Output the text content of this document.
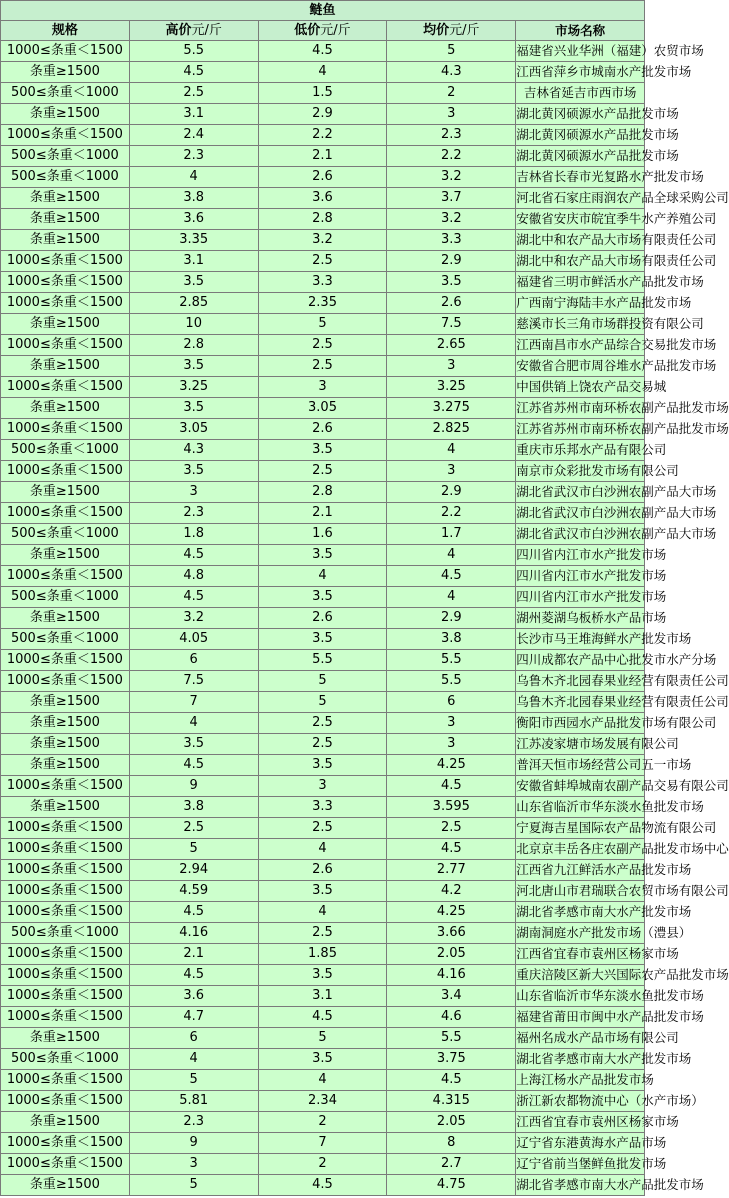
鲢鱼				
规格	高价元/斤	低价元/斤	均价元/斤	市场名称
1000≤条重＜1500	5.5	4.5	5	福建省兴业华洲（福建）农贸市场
条重≥1500	4.5	4	4.3	江西省萍乡市城南水产批发市场
500≤条重＜1000	2.5	1.5	2	吉林省延吉市西市场
条重≥1500	3.1	2.9	3	湖北黄冈硕源水产品批发市场
1000≤条重＜1500	2.4	2.2	2.3	湖北黄冈硕源水产品批发市场
500≤条重＜1000	2.3	2.1	2.2	湖北黄冈硕源水产品批发市场
500≤条重＜1000	4	2.6	3.2	吉林省长春市光复路水产批发市场
条重≥1500	3.8	3.6	3.7	河北省石家庄雨润农产品全球采购公司
条重≥1500	3.6	2.8	3.2	安徽省安庆市皖宜季牛水产养殖公司
条重≥1500	3.35	3.2	3.3	湖北中和农产品大市场有限责任公司
1000≤条重＜1500	3.1	2.5	2.9	湖北中和农产品大市场有限责任公司
1000≤条重＜1500	3.5	3.3	3.5	福建省三明市鲜活水产品批发市场
1000≤条重＜1500	2.85	2.35	2.6	广西南宁海陆丰水产品批发市场
条重≥1500	10	5	7.5	慈溪市长三角市场群投资有限公司
1000≤条重＜1500	2.8	2.5	2.65	江西南昌市水产品综合交易批发市场
条重≥1500	3.5	2.5	3	安徽省合肥市周谷堆水产品批发市场
1000≤条重＜1500	3.25	3	3.25	中国供销上饶农产品交易城
条重≥1500	3.5	3.05	3.275	江苏省苏州市南环桥农副产品批发市场
1000≤条重＜1500	3.05	2.6	2.825	江苏省苏州市南环桥农副产品批发市场
500≤条重＜1000	4.3	3.5	4	重庆市乐邦水产品有限公司
1000≤条重＜1500	3.5	2.5	3	南京市众彩批发市场有限公司
条重≥1500	3	2.8	2.9	湖北省武汉市白沙洲农副产品大市场
1000≤条重＜1500	2.3	2.1	2.2	湖北省武汉市白沙洲农副产品大市场
500≤条重＜1000	1.8	1.6	1.7	湖北省武汉市白沙洲农副产品大市场
条重≥1500	4.5	3.5	4	四川省内江市水产批发市场
1000≤条重＜1500	4.8	4	4.5	四川省内江市水产批发市场
500≤条重＜1000	4.5	3.5	4	四川省内江市水产批发市场
条重≥1500	3.2	2.6	2.9	湖州菱湖乌板桥水产品市场
500≤条重＜1000	4.05	3.5	3.8	长沙市马王堆海鲜水产批发市场
1000≤条重＜1500	6	5.5	5.5	四川成都农产品中心批发市水产分场
1000≤条重＜1500	7.5	5	5.5	乌鲁木齐北园春果业经营有限责任公司
条重≥1500	7	5	6	乌鲁木齐北园春果业经营有限责任公司
条重≥1500	4	2.5	3	衡阳市西园水产品批发市场有限公司
条重≥1500	3.5	2.5	3	江苏凌家塘市场发展有限公司
条重≥1500	4.5	3.5	4.25	普洱天恒市场经营公司五一市场
1000≤条重＜1500	9	3	4.5	安徽省蚌埠城南农副产品交易有限公司
条重≥1500	3.8	3.3	3.595	山东省临沂市华东淡水鱼批发市场
1000≤条重＜1500	2.5	2.5	2.5	宁夏海吉星国际农产品物流有限公司
1000≤条重＜1500	5	4	4.5	北京京丰岳各庄农副产品批发市场中心
1000≤条重＜1500	2.94	2.6	2.77	江西省九江鲜活水产品批发市场
1000≤条重＜1500	4.59	3.5	4.2	河北唐山市君瑞联合农贸市场有限公司
1000≤条重＜1500	4.5	4	4.25	湖北省孝感市南大水产批发市场
500≤条重＜1000	4.16	2.5	3.66	湖南洞庭水产批发市场（澧县）
1000≤条重＜1500	2.1	1.85	2.05	江西省宜春市袁州区杨家市场
1000≤条重＜1500	4.5	3.5	4.16	重庆涪陵区新大兴国际农产品批发市场
1000≤条重＜1500	3.6	3.1	3.4	山东省临沂市华东淡水鱼批发市场
1000≤条重＜1500	4.7	4.5	4.6	福建省莆田市闽中水产品批发市场
条重≥1500	6	5	5.5	福州名成水产品市场有限公司
500≤条重＜1000	4	3.5	3.75	湖北省孝感市南大水产批发市场
1000≤条重＜1500	5	4	4.5	上海江杨水产品批发市场
1000≤条重＜1500	5.81	2.34	4.315	浙江新农都物流中心（水产市场）
条重≥1500	2.3	2	2.05	江西省宜春市袁州区杨家市场
1000≤条重＜1500	9	7	8	辽宁省东港黄海水产品市场
1000≤条重＜1500	3	2	2.7	辽宁省前当堡鲜鱼批发市场
条重≥1500	5	4.5	4.75	湖北省孝感市南大水产品批发市场
